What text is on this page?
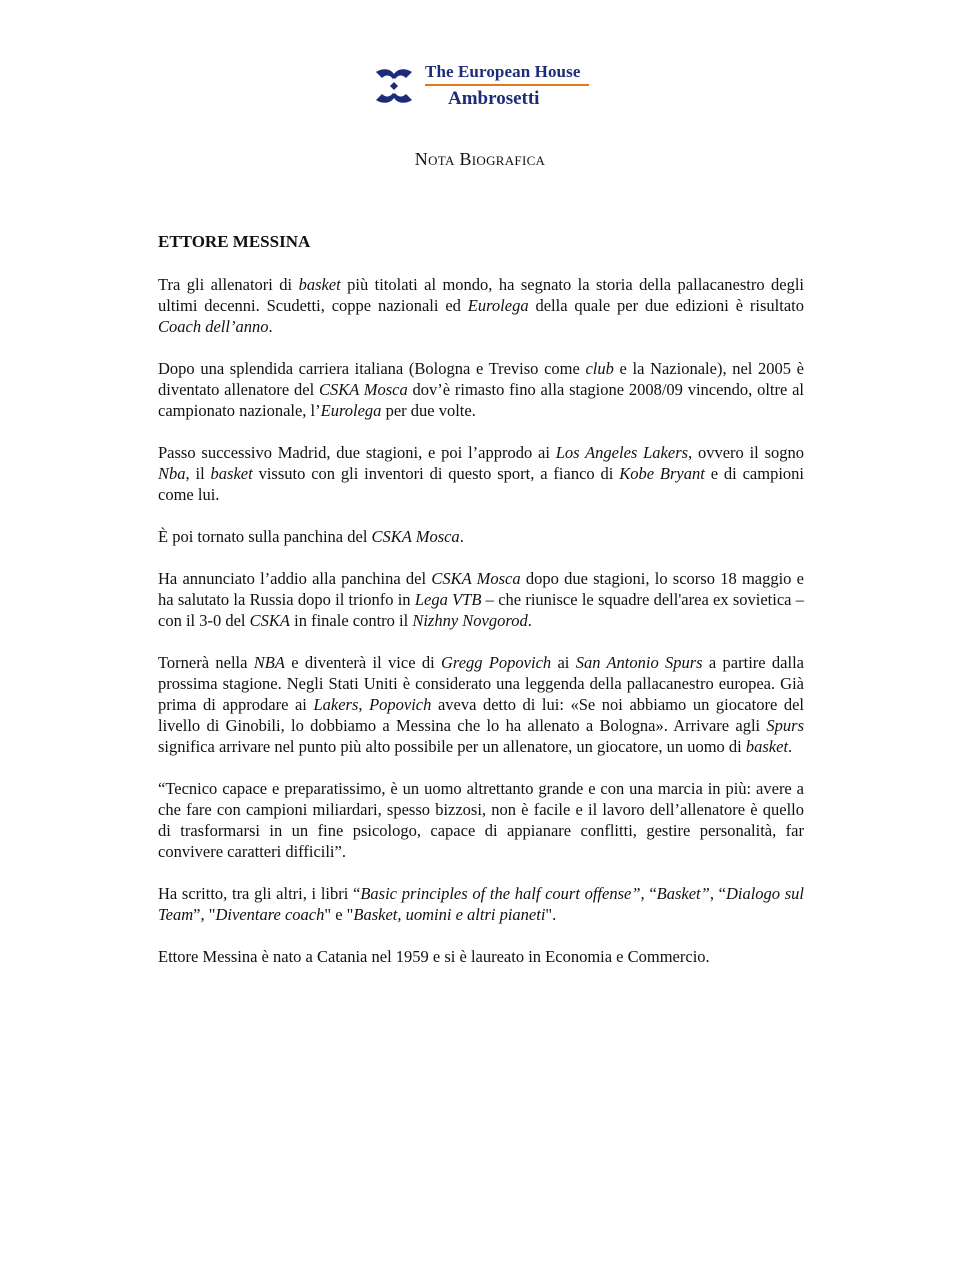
The European House
Ambrosetti
Nota Biografica
ETTORE MESSINA

Tra gli allenatori di basket più titolati al mondo, ha segnato la storia della pallacanestro degli ultimi decenni. Scudetti, coppe nazionali ed Eurolega della quale per due edizioni è risultato Coach dell’anno.

Dopo una splendida carriera italiana (Bologna e Treviso come club e la Nazionale), nel 2005 è diventato allenatore del CSKA Mosca dov’è rimasto fino alla stagione 2008/09 vincendo, oltre al campionato nazionale, l’Eurolega per due volte.

Passo successivo Madrid, due stagioni, e poi l’approdo ai Los Angeles Lakers, ovvero il sogno Nba, il basket vissuto con gli inventori di questo sport, a fianco di Kobe Bryant e di campioni come lui.

È poi tornato sulla panchina del CSKA Mosca.

Ha annunciato l’addio alla panchina del CSKA Mosca dopo due stagioni, lo scorso 18 maggio e ha salutato la Russia dopo il trionfo in Lega VTB – che riunisce le squadre dell'area ex sovietica – con il 3-0 del CSKA in finale contro il Nizhny Novgorod.

Tornerà nella NBA e diventerà il vice di Gregg Popovich ai San Antonio Spurs a partire dalla prossima stagione. Negli Stati Uniti è considerato una leggenda della pallacanestro europea. Già prima di approdare ai Lakers, Popovich aveva detto di lui: «Se noi abbiamo un giocatore del livello di Ginobili, lo dobbiamo a Messina che lo ha allenato a Bologna». Arrivare agli Spurs significa arrivare nel punto più alto possibile per un allenatore, un giocatore, un uomo di basket.

“Tecnico capace e preparatissimo, è un uomo altrettanto grande e con una marcia in più: avere a che fare con campioni miliardari, spesso bizzosi, non è facile e il lavoro dell’allenatore è quello di trasformarsi in un fine psicologo, capace di appianare conflitti, gestire personalità, far convivere caratteri difficili”.

Ha scritto, tra gli altri, i libri “Basic principles of the half court offense”, “Basket”, “Dialogo sul Team”, "Diventare coach" e "Basket, uomini e altri pianeti".

Ettore Messina è nato a Catania nel 1959 e si è laureato in Economia e Commercio.
